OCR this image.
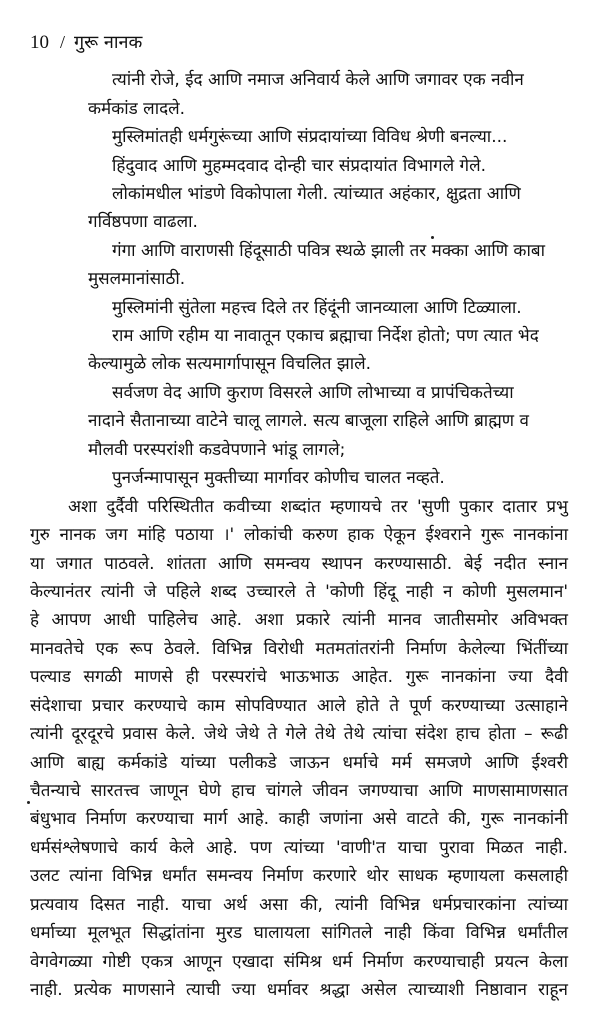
10 / गुरू नानक
त्यांनी रोजे, ईद आणि नमाज अनिवार्य केले आणि जगावर एक नवीन
कर्मकांड लादले.
मुस्लिमांतही धर्मगुरूंच्या आणि संप्रदायांच्या विविध श्रेणी बनल्या...
हिंदुवाद आणि मुहम्मदवाद दोन्ही चार संप्रदायांत विभागले गेले.
लोकांमधील भांडणे विकोपाला गेली. त्यांच्यात अहंकार, क्षुद्रता आणि
गर्विष्ठपणा वाढला.
गंगा आणि वाराणसी हिंदूसाठी पवित्र स्थळे झाली तर मक्का आणि काबा
मुसलमानांसाठी.
मुस्लिमांनी सुंतेला महत्त्व दिले तर हिंदूंनी जानव्याला आणि टिळ्याला.
राम आणि रहीम या नावातून एकाच ब्रह्माचा निर्देश होतो; पण त्यात भेद
केल्यामुळे लोक सत्यमार्गापासून विचलित झाले.
सर्वजण वेद आणि कुराण विसरले आणि लोभाच्या व प्रापंचिकतेच्या
नादाने सैतानाच्या वाटेने चालू लागले. सत्य बाजूला राहिले आणि ब्राह्मण व
मौलवी परस्परांशी कडवेपणाने भांडू लागले;
पुनर्जन्मापासून मुक्तीच्या मार्गावर कोणीच चालत नव्हते.
अशा दुर्दैवी परिस्थितीत कवीच्या शब्दांत म्हणायचे तर 'सुणी पुकार दातार प्रभु
गुरु नानक जग मांहि पठाया ।' लोकांची करुण हाक ऐकून ईश्वराने गुरू नानकांना
या जगात पाठवले. शांतता आणि समन्वय स्थापन करण्यासाठी. बेई नदीत स्नान
केल्यानंतर त्यांनी जे पहिले शब्द उच्चारले ते 'कोणी हिंदू नाही न कोणी मुसलमान'
हे आपण आधी पाहिलेच आहे. अशा प्रकारे त्यांनी मानव जातीसमोर अविभक्त
मानवतेचे एक रूप ठेवले. विभिन्न विरोधी मतमतांतरांनी निर्माण केलेल्या भिंतींच्या
पल्याड सगळी माणसे ही परस्परांचे भाऊभाऊ आहेत. गुरू नानकांना ज्या दैवी
संदेशाचा प्रचार करण्याचे काम सोपविण्यात आले होते ते पूर्ण करण्याच्या उत्साहाने
त्यांनी दूरदूरचे प्रवास केले. जेथे जेथे ते गेले तेथे तेथे त्यांचा संदेश हाच होता – रूढी
आणि बाह्य कर्मकांडे यांच्या पलीकडे जाऊन धर्माचे मर्म समजणे आणि ईश्वरी
चैतन्याचे सारतत्त्व जाणून घेणे हाच चांगले जीवन जगण्याचा आणि माणसामाणसात
बंधुभाव निर्माण करण्याचा मार्ग आहे. काही जणांना असे वाटते की, गुरू नानकांनी
धर्मसंश्लेषणाचे कार्य केले आहे. पण त्यांच्या 'वाणी'त याचा पुरावा मिळत नाही.
उलट त्यांना विभिन्न धर्मांत समन्वय निर्माण करणारे थोर साधक म्हणायला कसलाही
प्रत्यवाय दिसत नाही. याचा अर्थ असा की, त्यांनी विभिन्न धर्मप्रचारकांना त्यांच्या
धर्माच्या मूलभूत सिद्धांतांना मुरड घालायला सांगितले नाही किंवा विभिन्न धर्मांतील
वेगवेगळ्या गोष्टी एकत्र आणून एखादा संमिश्र धर्म निर्माण करण्याचाही प्रयत्न केला
नाही. प्रत्येक माणसाने त्याची ज्या धर्मावर श्रद्धा असेल त्याच्याशी निष्ठावान राहून
